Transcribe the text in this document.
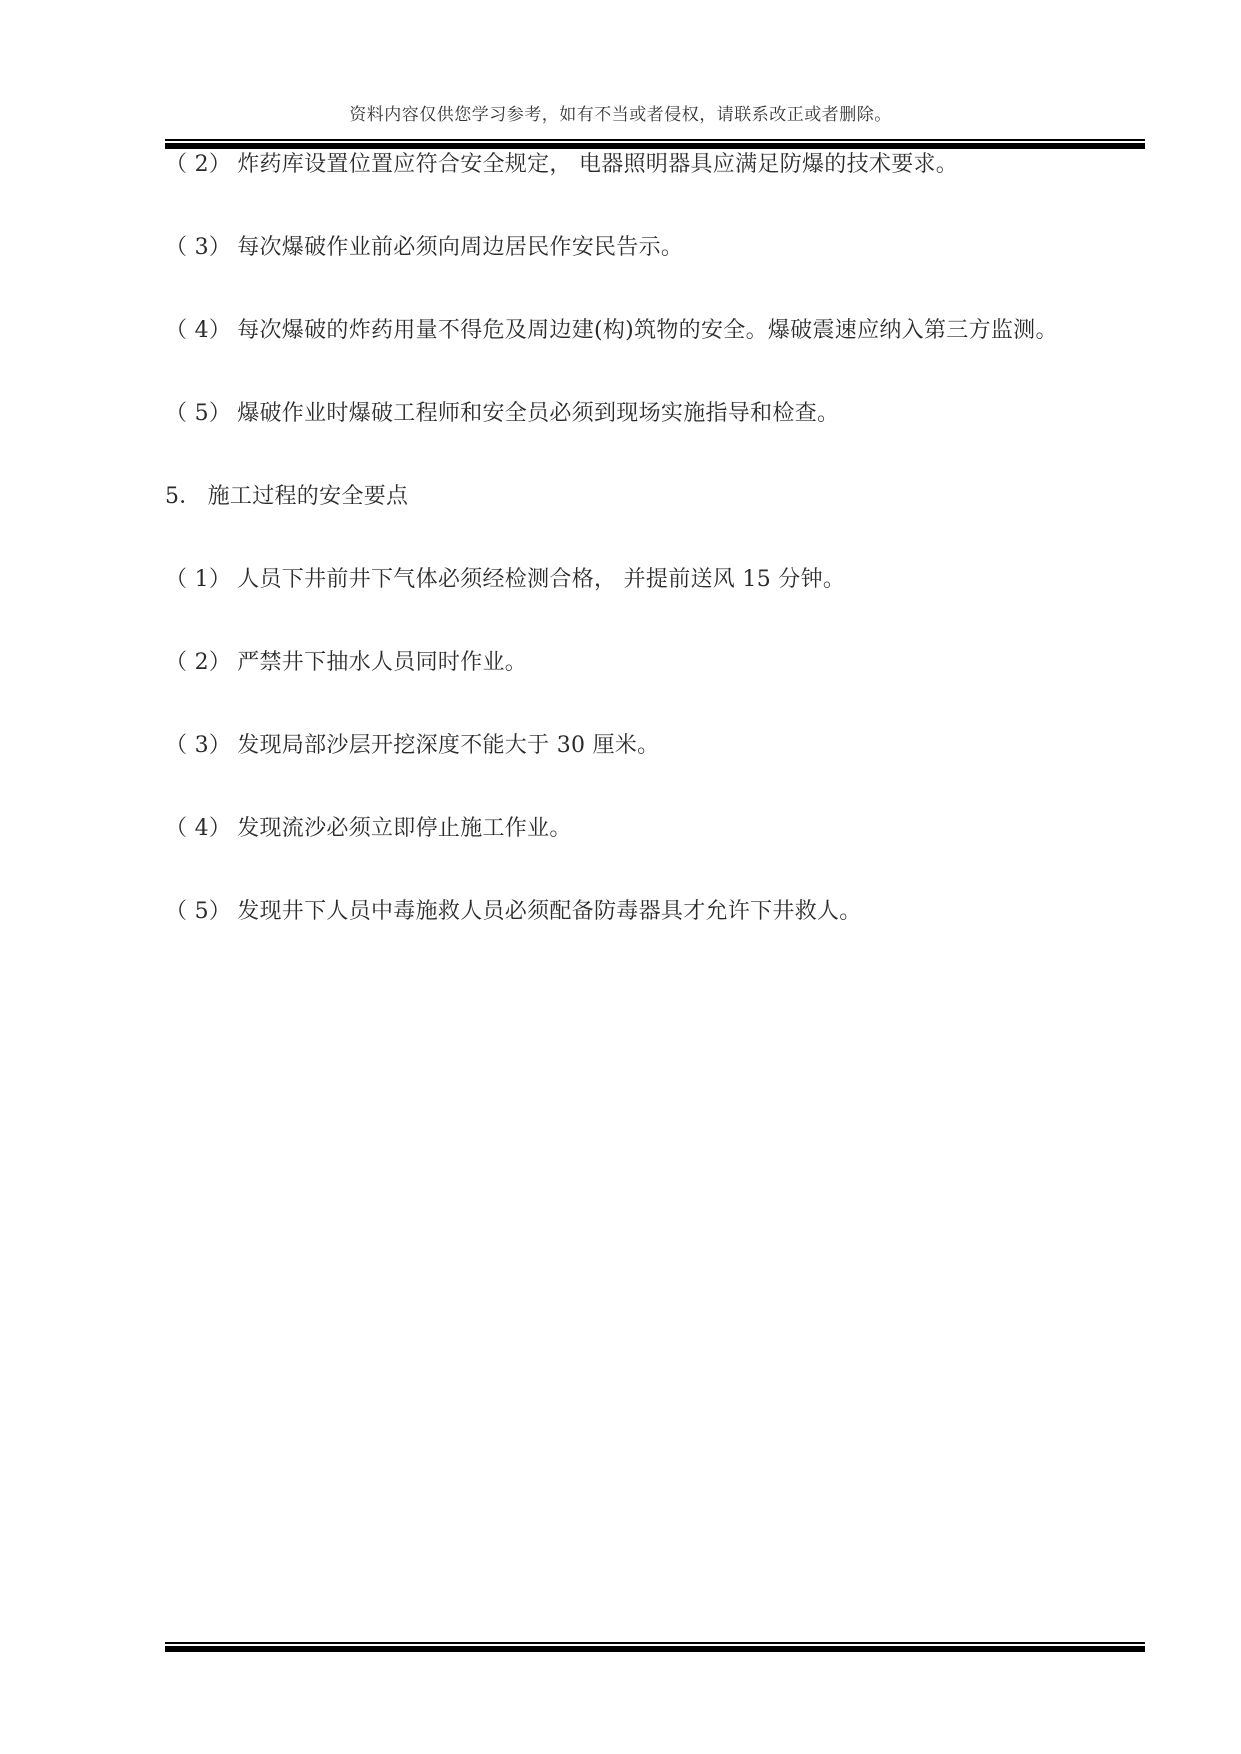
资料内容仅供您学习参考，如有不当或者侵权，请联系改正或者删除。
（ 2） 炸药库设置位置应符合安全规定， 电器照明器具应满足防爆的技术要求。
（ 3） 每次爆破作业前必须向周边居民作安民告示。
（ 4） 每次爆破的炸药用量不得危及周边建(构)筑物的安全。爆破震速应纳入第三方监测。
（ 5） 爆破作业时爆破工程师和安全员必须到现场实施指导和检查。
5． 施工过程的安全要点
（ 1） 人员下井前井下气体必须经检测合格， 并提前送风 15 分钟。
（ 2） 严禁井下抽水人员同时作业。
（ 3） 发现局部沙层开挖深度不能大于 30 厘米。
（ 4） 发现流沙必须立即停止施工作业。
（ 5） 发现井下人员中毒施救人员必须配备防毒器具才允许下井救人。
